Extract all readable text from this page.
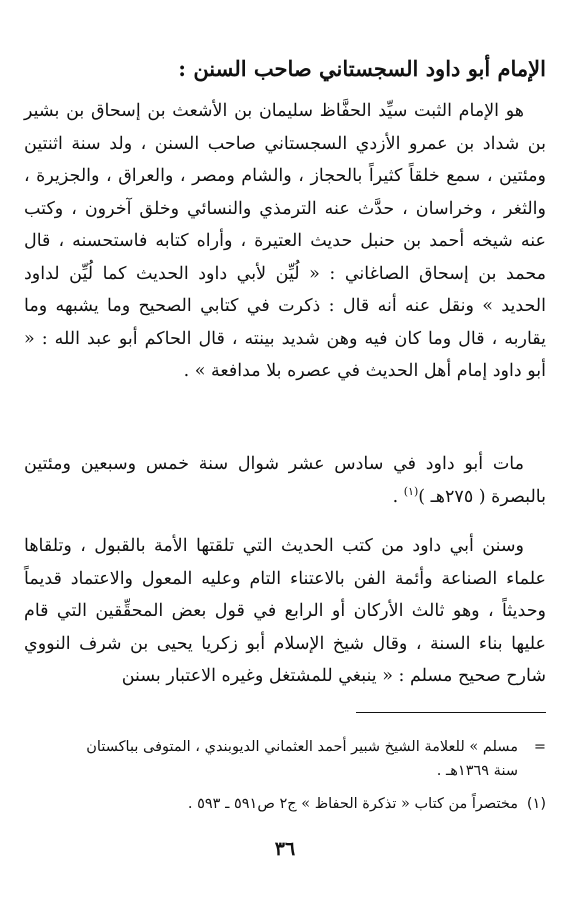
الإمام أبو داود السجستاني صاحب السنن :

هو الإمام الثبت سيِّد الحفَّاظ سليمان بن الأشعث بن إسحاق بن بشير بن شداد بن عمرو الأزدي السجستاني صاحب السنن ، ولد سنة اثنتين ومئتين ، سمع خلقاً كثيراً بالحجاز ، والشام ومصر ، والعراق ، والجزيرة ، والثغر ، وخراسان ، حدَّث عنه الترمذي والنسائي وخلق آخرون ، وكتب عنه شيخه أحمد بن حنبل حديث العتيرة ، وأراه كتابه فاستحسنه ، قال محمد بن إسحاق الصاغاني : « لُيِّن لأبي داود الحديث كما لُيِّن لداود الحديد » ونقل عنه أنه قال : ذكرت في كتابي الصحيح وما يشبهه وما يقاربه ، قال وما كان فيه وهن شديد بينته ، قال الحاكم أبو عبد الله : « أبو داود إمام أهل الحديث في عصره بلا مدافعة » .

مات أبو داود في سادس عشر شوال سنة خمس وسبعين ومئتين بالبصرة ( ٢٧٥هـ )$^{(١)}$ .

وسنن أبي داود من كتب الحديث التي تلقتها الأمة بالقبول ، وتلقاها علماء الصناعة وأئمة الفن بالاعتناء التام وعليه المعول والاعتماد قديماً وحديثاً ، وهو ثالث الأركان أو الرابع في قول بعض المحقِّقين التي قام عليها بناء السنة ، وقال شيخ الإسلام أبو زكريا يحيى بن شرف النووي شارح صحيح مسلم : « ينبغي للمشتغل وغيره الاعتبار بسنن

=مسلم » للعلامة الشيخ شبير أحمد العثماني الديوبندي ، المتوفى بباكستان
سنة ١٣٦٩هـ .
(١)مختصراً من كتاب « تذكرة الحفاظ » ج٢ ص٥٩١ ـ ٥٩٣ .
٣٦
